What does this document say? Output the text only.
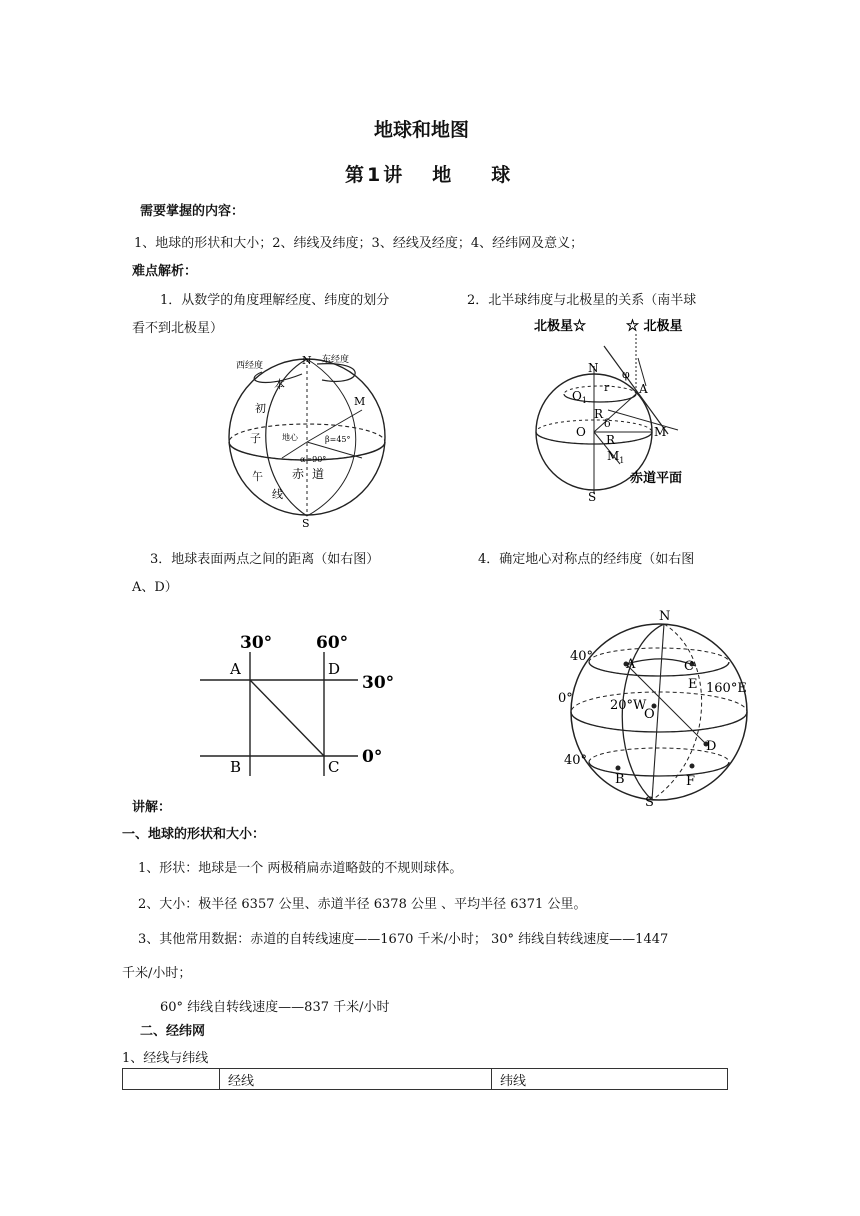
地球和地图
第 1 讲 地 球
需要掌握的内容：
1、地球的形状和大小；2、纬线及纬度；3、经线及经度；4、经纬网及意义；
难点解析：
1．从数学的角度理解经度、纬度的划分	2．北半球纬度与北极星的关系（南半球
看不到北极星）
N
S
西经度
东经度
M
地心	β=45°
α=90°
本
初
子
午
线
赤 道
北极星☆	☆ 北极星
N
S
A
M
$M_1$
O
$O_1$
R
R
r
φ
δ
赤道平面
3．地球表面两点之间的距离（如右图）	4．确定地心对称点的经纬度（如右图
A、D）
30°	60°
30°
0°
A
B	C
D
N
S
A
B
C
D
E
F
O
40°
0°
40°
20°W
160°E
讲解：
一、地球的形状和大小：
1、形状：地球是一个 两极稍扁赤道略鼓的不规则球体。
2、大小：极半径 6357 公里、赤道半径 6378 公里 、平均半径 6371 公里。
3、其他常用数据：赤道的自转线速度——1670 千米/小时； 30° 纬线自转线速度——1447
千米/小时；
60° 纬线自转线速度——837 千米/小时
二、经纬网
1、经线与纬线
	经线	纬线
